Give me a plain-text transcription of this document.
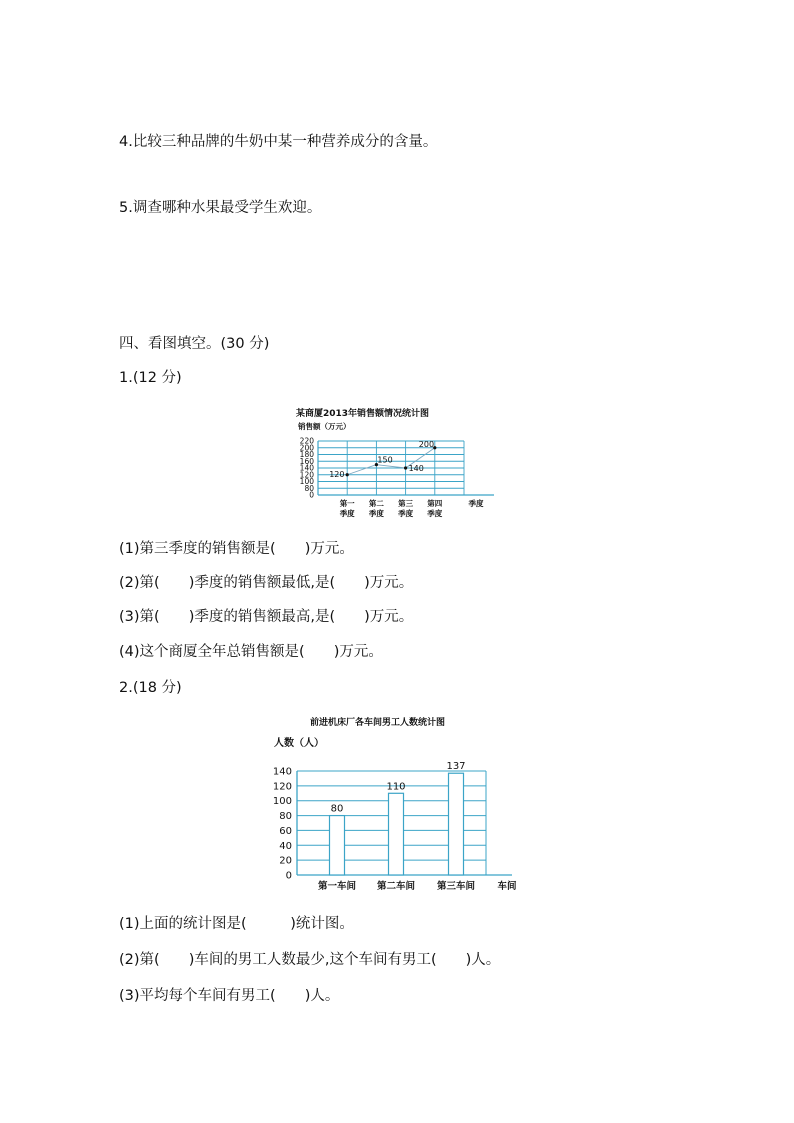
4.比较三种品牌的牛奶中某一种营养成分的含量。
5.调查哪种水果最受学生欢迎。
四、看图填空。(30 分)
1.(12 分)
某商厦2013年销售额情况统计图
销售额（万元）
0
80
100
120
140
160
180
200
220
120
150
140
200
第一
季度
第二
季度
第三
季度
第四
季度
季度
(1)第三季度的销售额是(　　)万元。
(2)第(　　)季度的销售额最低,是(　　)万元。
(3)第(　　)季度的销售额最高,是(　　)万元。
(4)这个商厦全年总销售额是(　　)万元。
2.(18 分)
前进机床厂各车间男工人数统计图
人数（人）
0
20
40
60
80
100
120
140
80
第一车间
110
第二车间
137
第三车间 车间
(1)上面的统计图是(　　　)统计图。
(2)第(　　)车间的男工人数最少,这个车间有男工(　　)人。
(3)平均每个车间有男工(　　)人。
